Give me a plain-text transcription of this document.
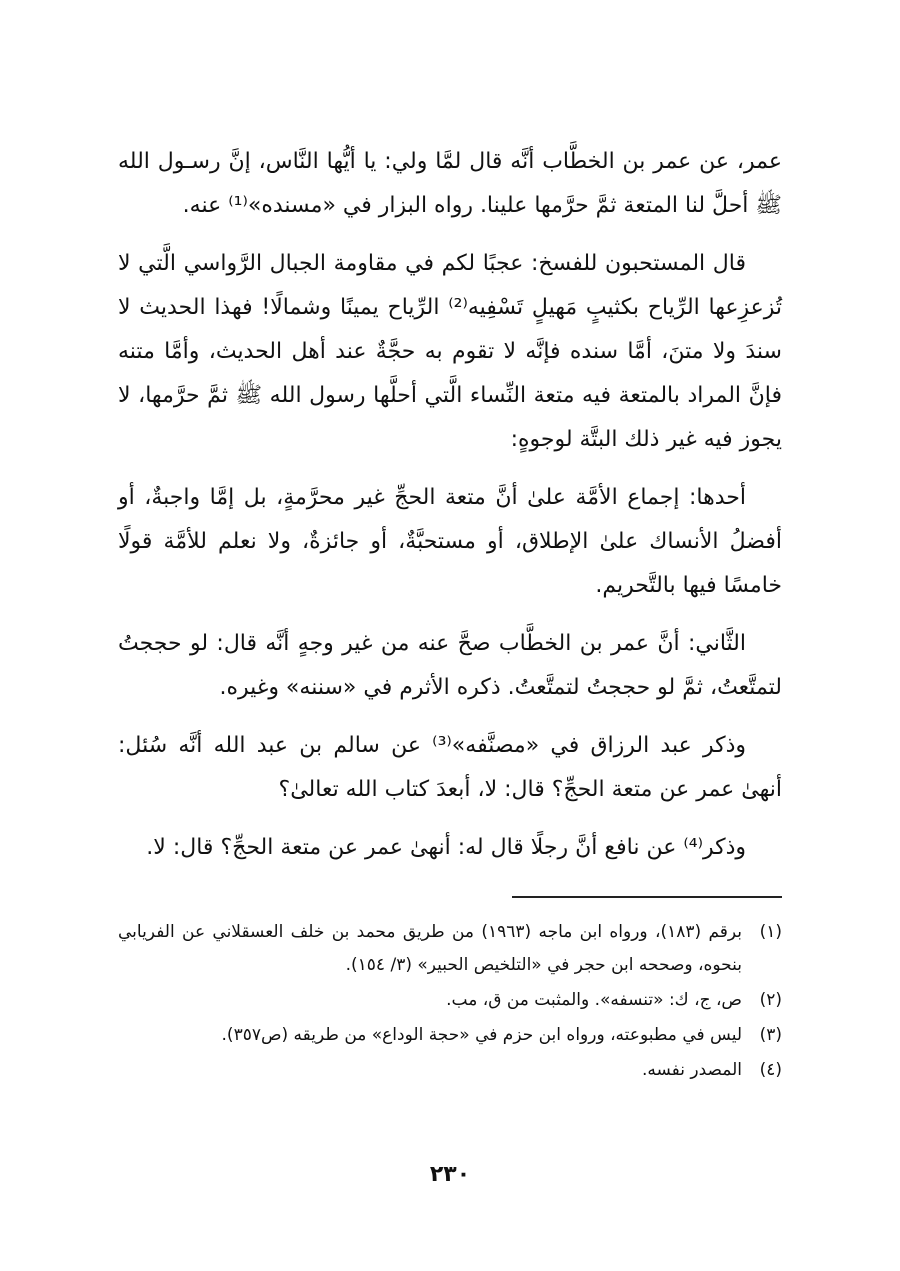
عمر، عن عمر بن الخطَّاب أنَّه قال لمَّا ولي: يا أيُّها النَّاس، إنَّ رسـول الله ﷺ أحلَّ لنا المتعة ثمَّ حرَّمها علينا. رواه البزار في «مسنده»⁽¹⁾ عنه.

قال المستحبون للفسخ: عجبًا لكم في مقاومة الجبال الرَّواسي الَّتي لا تُزعزِعها الرِّياح بكثيبٍ مَهيلٍ تَسْفِيه⁽²⁾ الرِّياح يمينًا وشمالًا! فهذا الحديث لا سندَ ولا متنَ، أمَّا سنده فإنَّه لا تقوم به حجَّةٌ عند أهل الحديث، وأمَّا متنه فإنَّ المراد بالمتعة فيه متعة النِّساء الَّتي أحلَّها رسول الله ﷺ ثمَّ حرَّمها، لا يجوز فيه غير ذلك البتَّة لوجوهٍ:

أحدها: إجماع الأمَّة علىٰ أنَّ متعة الحجِّ غير محرَّمةٍ، بل إمَّا واجبةٌ، أو أفضلُ الأنساك علىٰ الإطلاق، أو مستحبَّةٌ، أو جائزةٌ، ولا نعلم للأمَّة قولًا خامسًا فيها بالتَّحريم.

الثَّاني: أنَّ عمر بن الخطَّاب صحَّ عنه من غير وجهٍ أنَّه قال: لو حججتُ لتمتَّعتُ، ثمَّ لو حججتُ لتمتَّعتُ. ذكره الأثرم في «سننه» وغيره.

وذكر عبد الرزاق في «مصنَّفه»⁽³⁾ عن سالم بن عبد الله أنَّه سُئل: أنهىٰ عمر عن متعة الحجِّ؟ قال: لا، أبعدَ كتاب الله تعالىٰ؟

وذكر⁽⁴⁾ عن نافع أنَّ رجلًا قال له: أنهىٰ عمر عن متعة الحجِّ؟ قال: لا.

(١)
برقم (١٨٣)، ورواه ابن ماجه (١٩٦٣) من طريق محمد بن خلف العسقلاني عن الفريابي بنحوه، وصححه ابن حجر في «التلخيص الحبير» (٣/ ١٥٤).
(٢)
ص، ج، ك: «تنسفه». والمثبت من ق، مب.
(٣)
ليس في مطبوعته، ورواه ابن حزم في «حجة الوداع» من طريقه (ص٣٥٧).
(٤)
المصدر نفسه.
٢٣٠
